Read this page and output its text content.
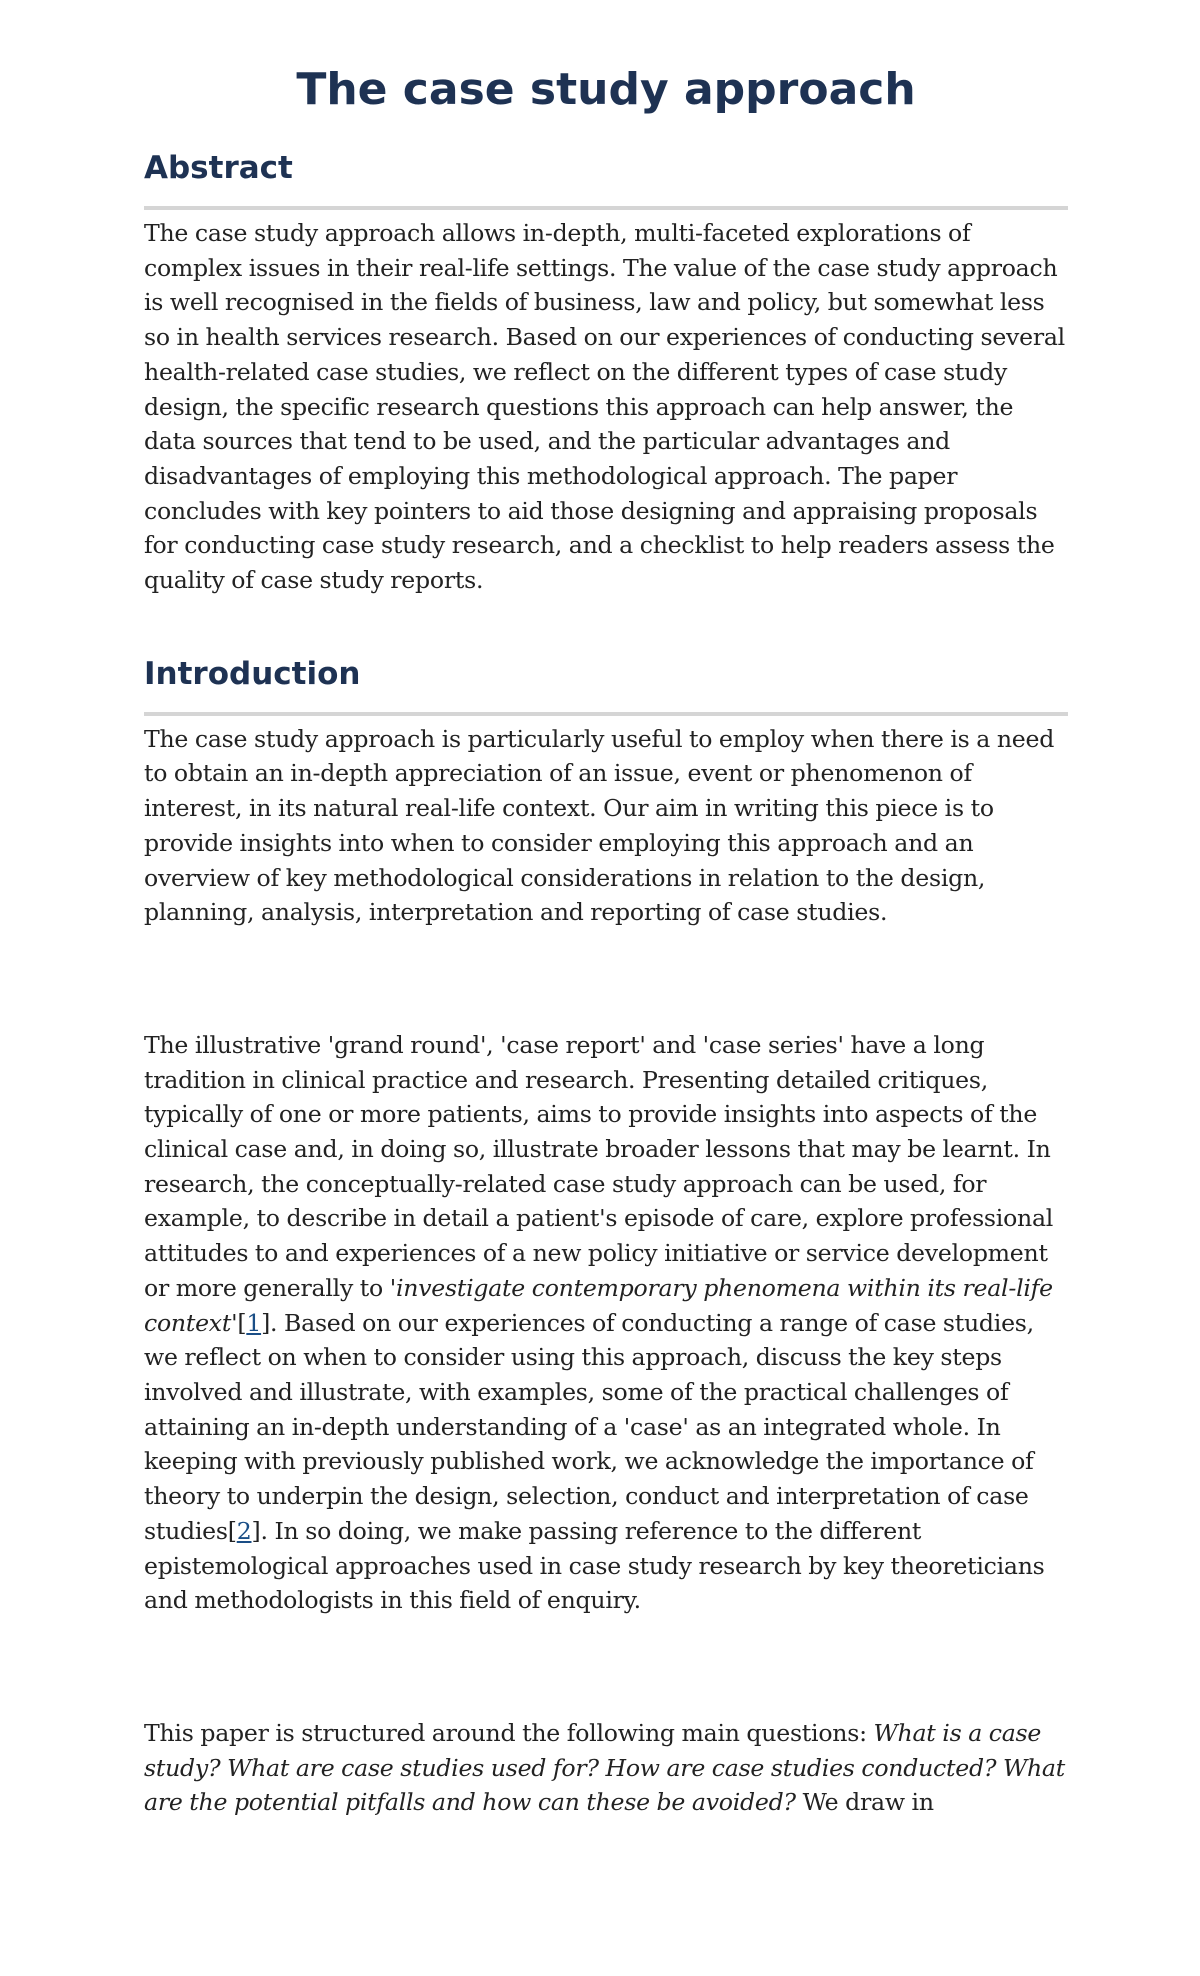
The case study approach
Abstract

The case study approach allows in-depth, multi-faceted explorations of complex issues in their real-life settings. The value of the case study approach is well recognised in the fields of business, law and policy, but somewhat less so in health services research. Based on our experiences of conducting several health-related case studies, we reflect on the different types of case study design, the specific research questions this approach can help answer, the data sources that tend to be used, and the particular advantages and disadvantages of employing this methodological approach. The paper concludes with key pointers to aid those designing and appraising proposals for conducting case study research, and a checklist to help readers assess the quality of case study reports.

Introduction

The case study approach is particularly useful to employ when there is a need to obtain an in-depth appreciation of an issue, event or phenomenon of interest, in its natural real-life context. Our aim in writing this piece is to provide insights into when to consider employing this approach and an overview of key methodological considerations in relation to the design, planning, analysis, interpretation and reporting of case studies.

The illustrative 'grand round', 'case report' and 'case series' have a long tradition in clinical practice and research. Presenting detailed critiques, typically of one or more patients, aims to provide insights into aspects of the clinical case and, in doing so, illustrate broader lessons that may be learnt. In research, the conceptually-related case study approach can be used, for example, to describe in detail a patient's episode of care, explore professional attitudes to and experiences of a new policy initiative or service development or more generally to 'investigate contemporary phenomena within its real-life context'[1]. Based on our experiences of conducting a range of case studies, we reflect on when to consider using this approach, discuss the key steps involved and illustrate, with examples, some of the practical challenges of attaining an in-depth understanding of a 'case' as an integrated whole. In keeping with previously published work, we acknowledge the importance of theory to underpin the design, selection, conduct and interpretation of case studies[2]. In so doing, we make passing reference to the different epistemological approaches used in case study research by key theoreticians and methodologists in this field of enquiry.

This paper is structured around the following main questions: What is a case study? What are case studies used for? How are case studies conducted? What are the potential pitfalls and how can these be avoided? We draw in
